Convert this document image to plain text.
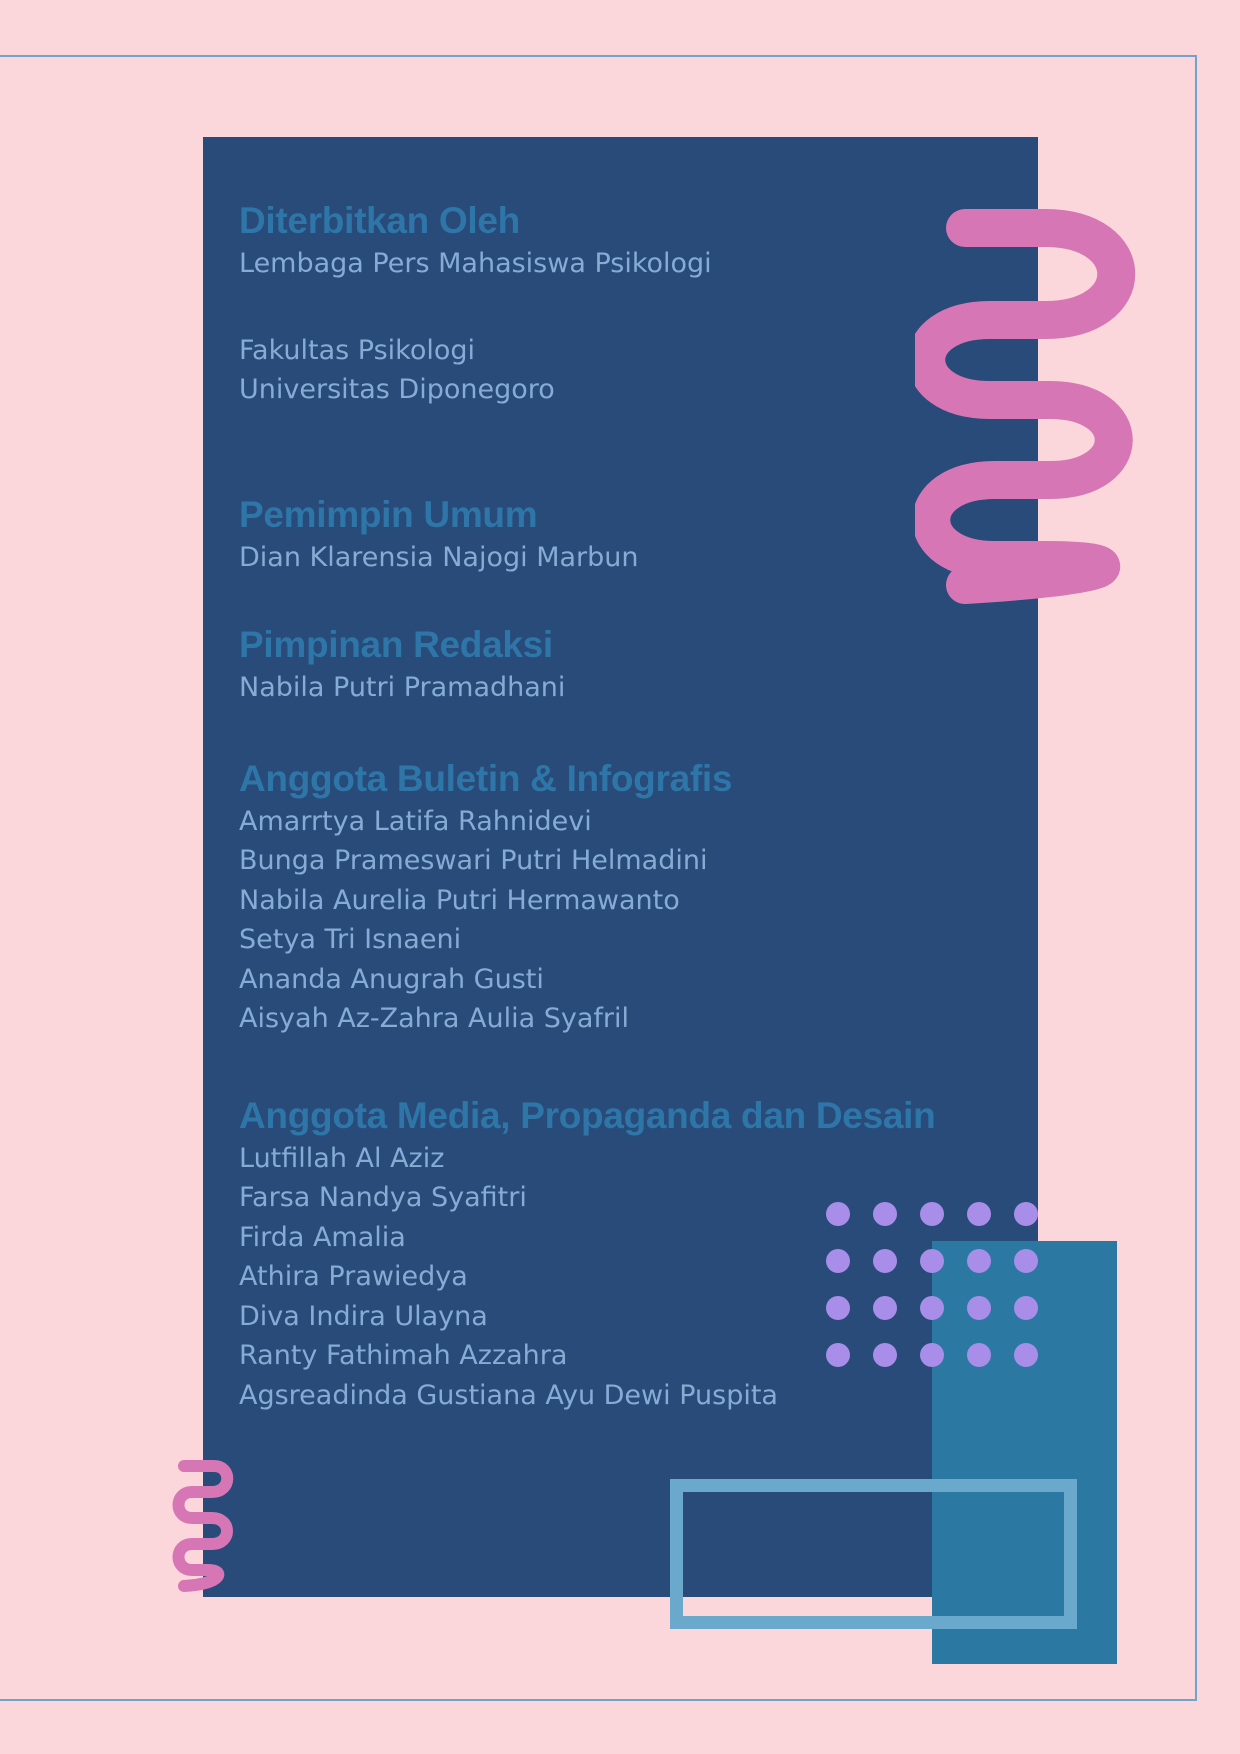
Diterbitkan Oleh

Lembaga Pers Mahasiswa Psikologi

Fakultas Psikologi

Universitas Diponegoro

Pemimpin Umum

Dian Klarensia Najogi Marbun

Pimpinan Redaksi

Nabila Putri Pramadhani

Anggota Buletin & Infografis

Amarrtya Latifa Rahnidevi

Bunga Prameswari Putri Helmadini

Nabila Aurelia Putri Hermawanto

Setya Tri Isnaeni

Ananda Anugrah Gusti

Aisyah Az-Zahra Aulia Syafril

Anggota Media, Propaganda dan Desain

Lutfillah Al Aziz

Farsa Nandya Syafitri

Firda Amalia

Athira Prawiedya

Diva Indira Ulayna

Ranty Fathimah Azzahra

Agsreadinda Gustiana Ayu Dewi Puspita
